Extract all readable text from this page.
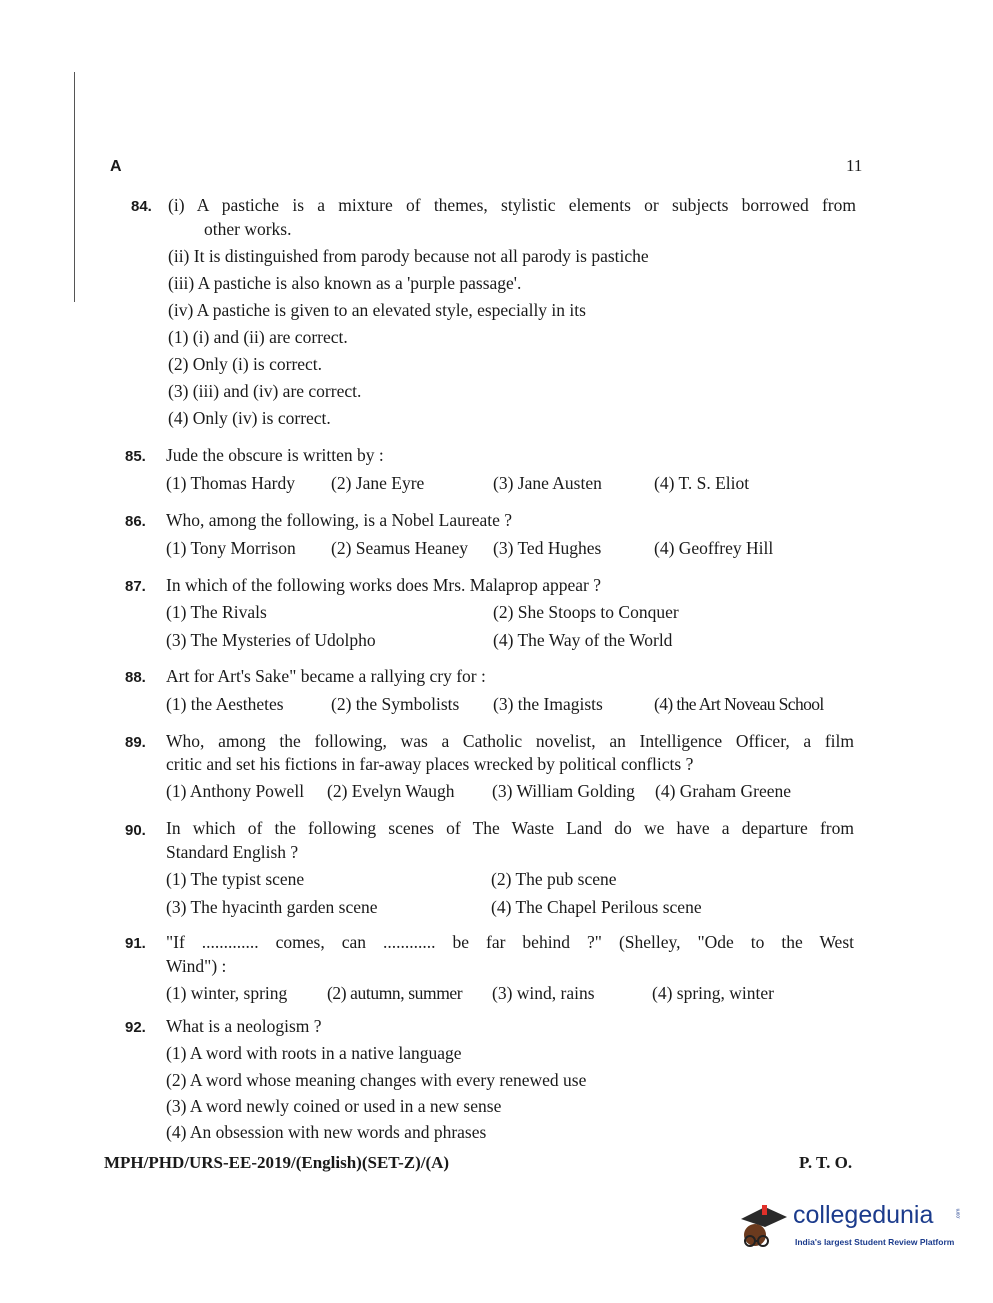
A	11
84. (i) A pastiche is a mixture of themes, stylistic elements or subjects borrowed from
other works.
(ii) It is distinguished from parody because not all parody is pastiche
(iii) A pastiche is also known as a 'purple passage'.
(iv) A pastiche is given to an elevated style, especially in its
(1) (i) and (ii) are correct.
(2) Only (i) is correct.
(3) (iii) and (iv) are correct.
(4) Only (iv) is correct.
85. Jude the obscure is written by :
(1) Thomas Hardy (2) Jane Eyre	(3) Jane Austen	(4) T. S. Eliot
86. Who, among the following, is a Nobel Laureate ?
(1) Tony Morrison (2) Seamus Heaney (3) Ted Hughes	(4) Geoffrey Hill
87. In which of the following works does Mrs. Malaprop appear ?
(1) The Rivals	(2) She Stoops to Conquer
(3) The Mysteries of Udolpho	(4) The Way of the World
88. Art for Art's Sake" became a rallying cry for :
(1) the Aesthetes	(2) the Symbolists (3) the Imagists	(4) the Art Noveau School
89. Who, among the following, was a Catholic novelist, an Intelligence Officer, a film
critic and set his fictions in far-away places wrecked by political conflicts ?
(1) Anthony Powell (2) Evelyn Waugh (3) William Golding (4) Graham Greene
90. In which of the following scenes of The Waste Land do we have a departure from
Standard English ?
(1) The typist scene	(2) The pub scene
(3) The hyacinth garden scene	(4) The Chapel Perilous scene
91. "If ............. comes, can ............ be far behind ?" (Shelley, "Ode to the West
Wind") :
(1) winter, spring (2) autumn, summer (3) wind, rains	(4) spring, winter
92. What is a neologism ?
(1) A word with roots in a native language
(2) A word whose meaning changes with every renewed use
(3) A word newly coined or used in a new sense
(4) An obsession with new words and phrases
MPH/PHD/URS-EE-2019/(English)(SET-Z)/(A)	P. T. O.
collegedunia
India's largest Student Review Platform
.com
